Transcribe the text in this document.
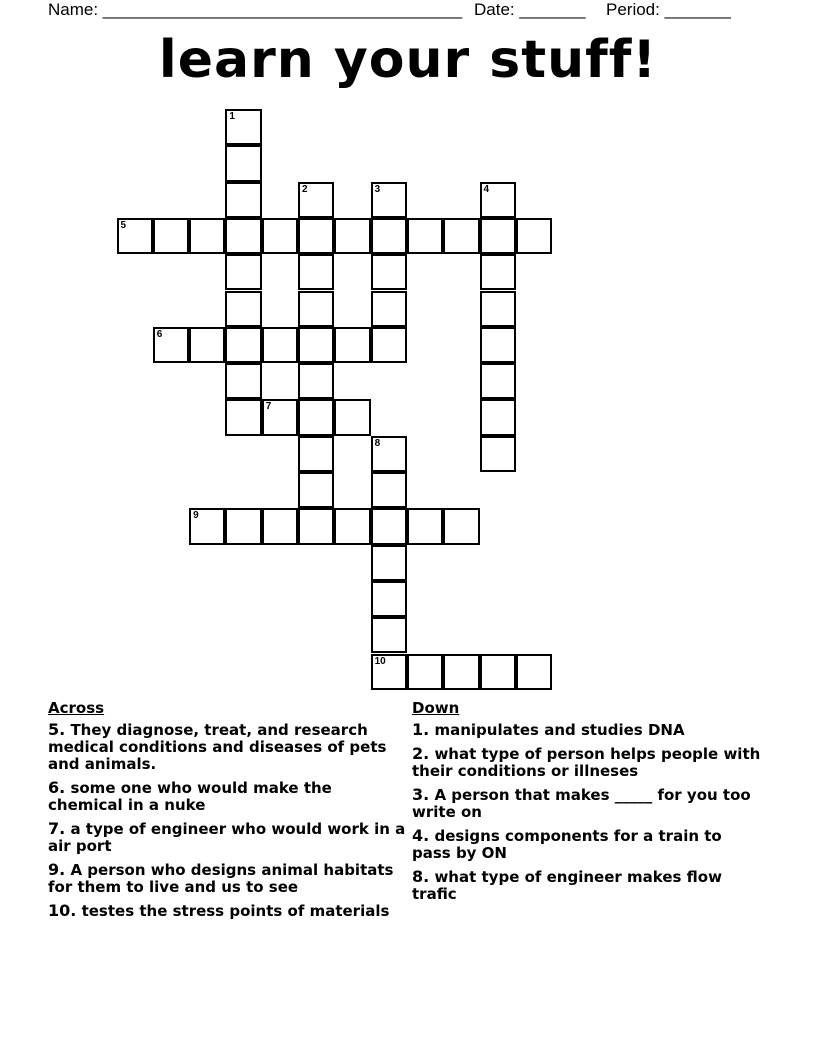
Name: ______________________________________ Date: _______ Period: _______
learn your stuff!
1
2	3	4
5
6
7
8
10
9
Across
5. They diagnose, treat, and research medical conditions and diseases of pets and animals.
6. some one who would make the chemical in a nuke
7. a type of engineer who would work in a air port
9. A person who designs animal habitats for them to live and us to see
10. testes the stress points of materials
Down
1. manipulates and studies DNA
2. what type of person helps people with their conditions or illneses
3. A person that makes _____ for you too write on
4. designs components for a train to pass by ON
8. what type of engineer makes flow trafic
